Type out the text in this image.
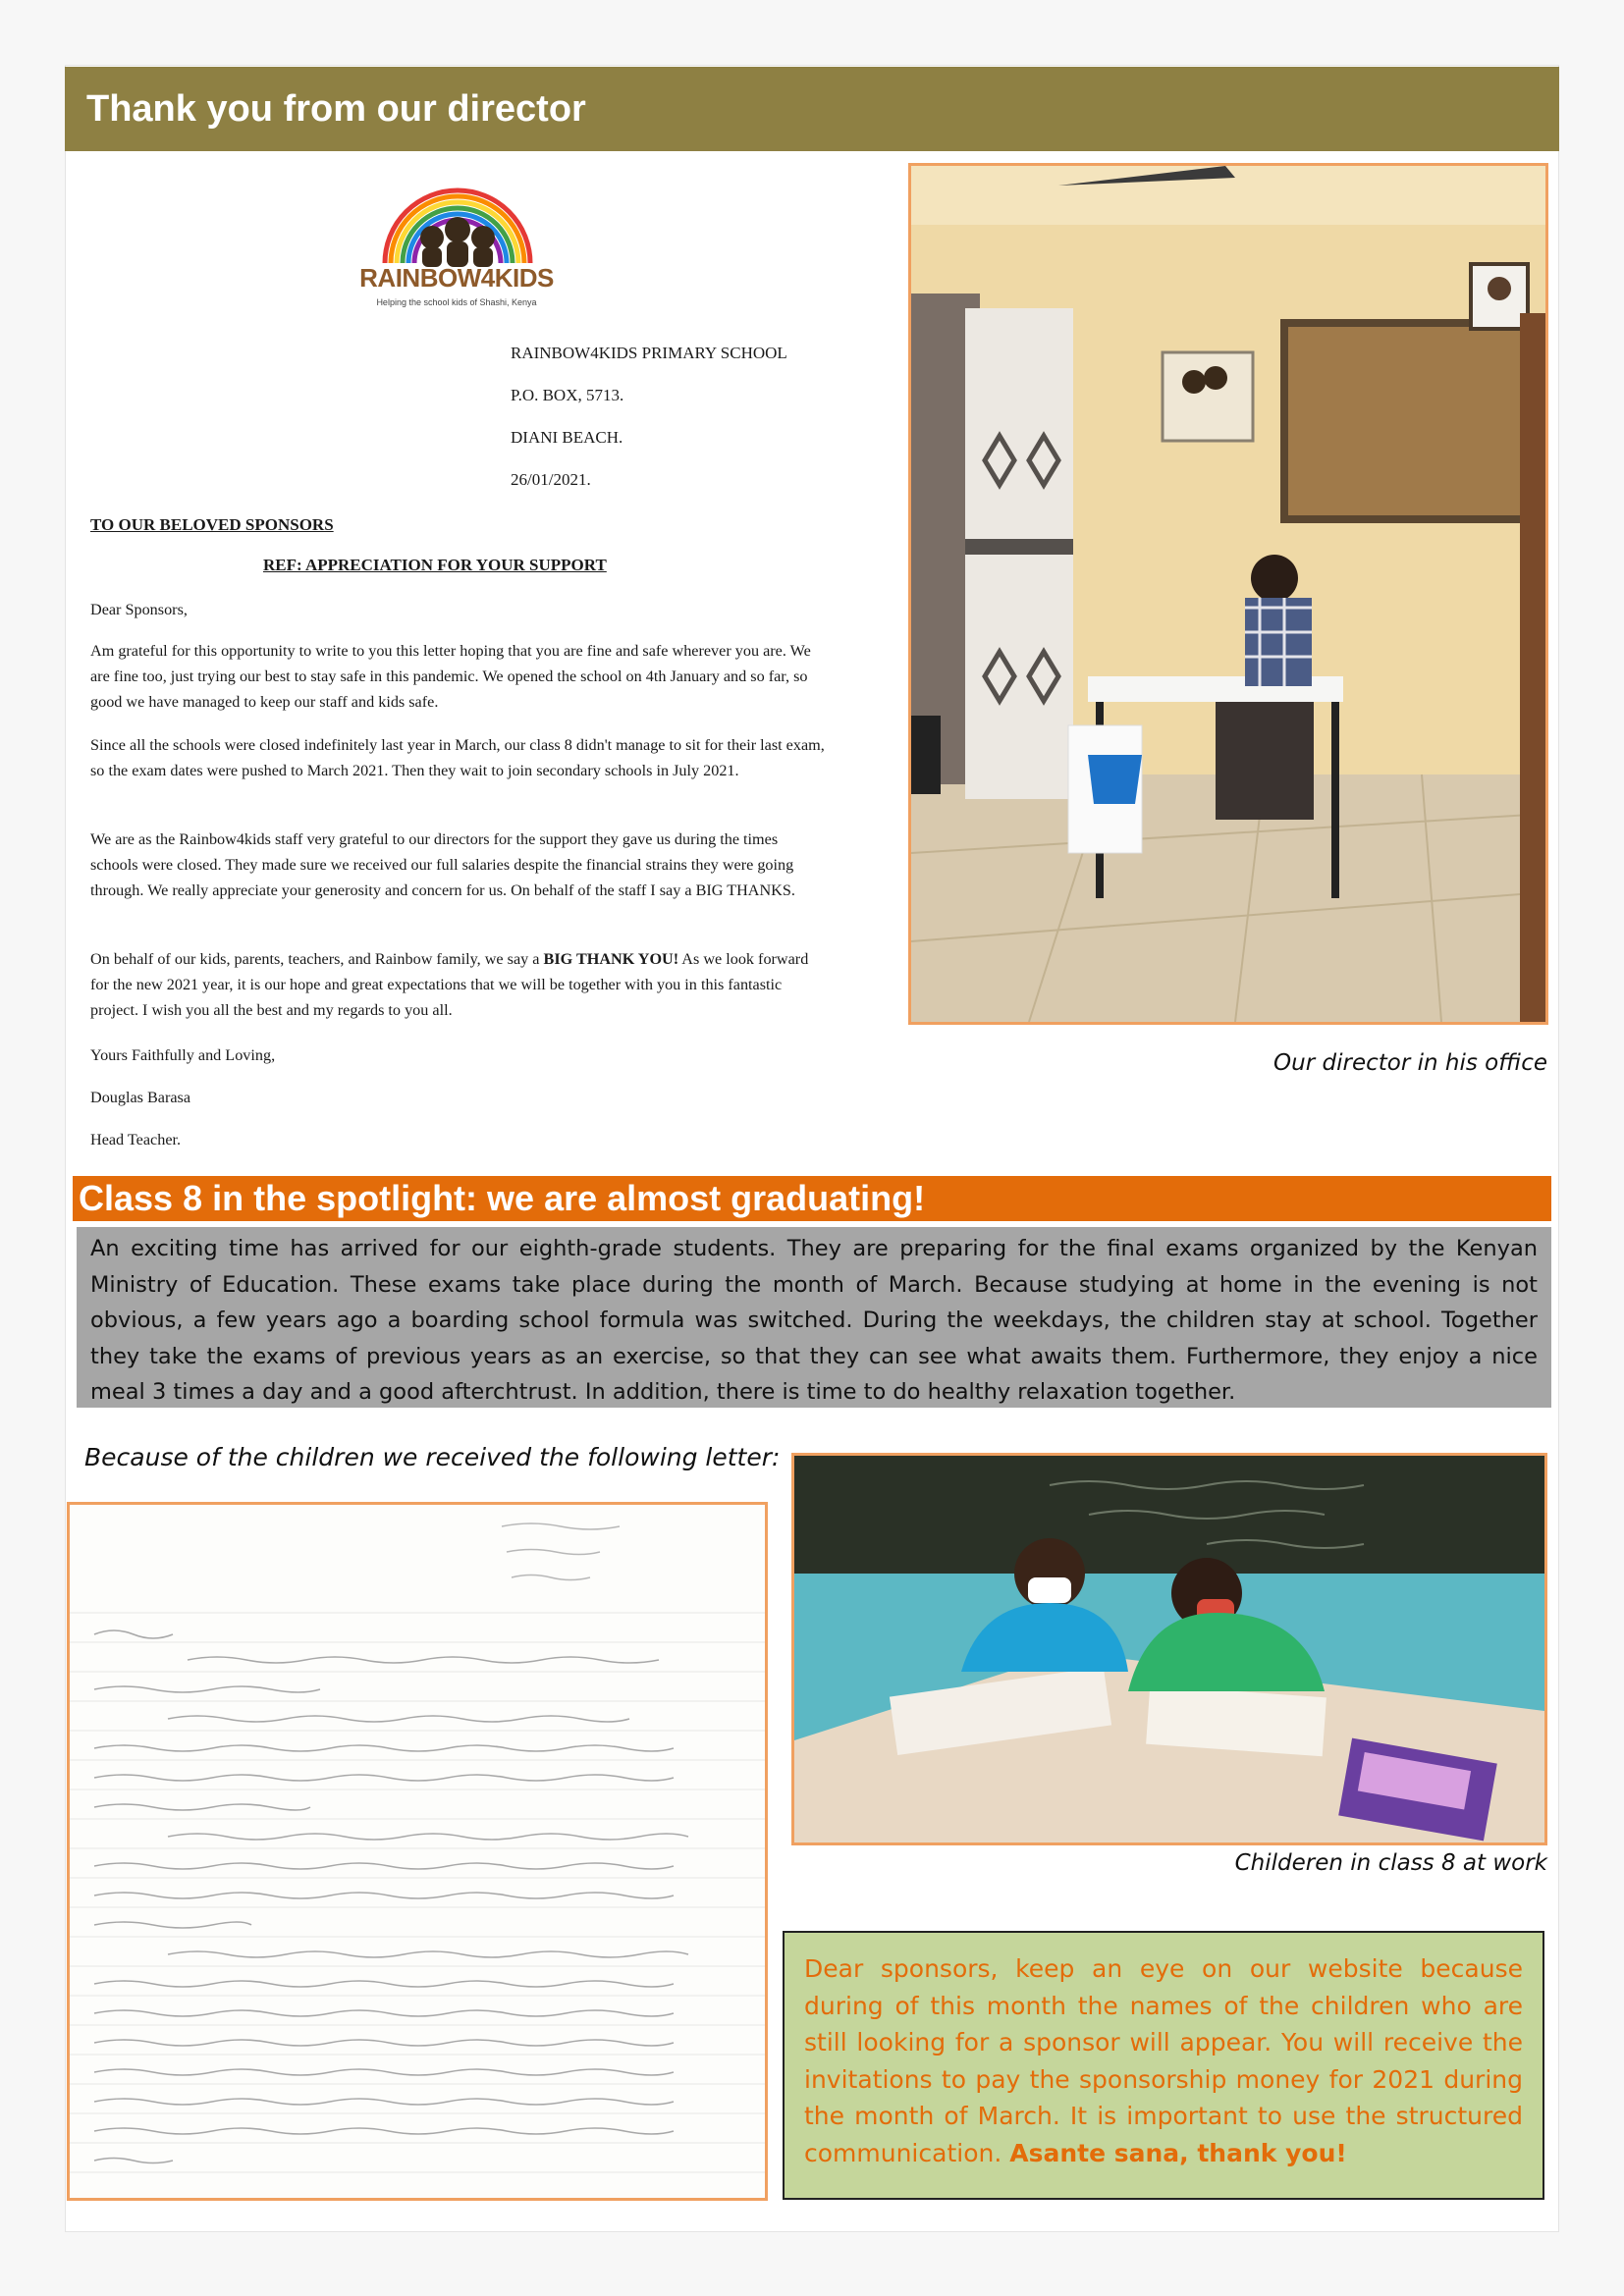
Thank you from our director
RAINBOW4KIDS
Helping the school kids of Shashi, Kenya
RAINBOW4KIDS PRIMARY SCHOOL
P.O. BOX, 5713.
DIANI BEACH.
26/01/2021.
TO OUR BELOVED SPONSORS
REF: APPRECIATION FOR YOUR SUPPORT
Dear Sponsors,
Am grateful for this opportunity to write to you this letter hoping that you are fine and safe wherever you are. We are fine too, just trying our best to stay safe in this pandemic. We opened the school on 4th January and so far, so good we have managed to keep our staff and kids safe.
Since all the schools were closed indefinitely last year in March, our class 8 didn't manage to sit for their last exam, so the exam dates were pushed to March 2021. Then they wait to join secondary schools in July 2021.
We are as the Rainbow4kids staff very grateful to our directors for the support they gave us during the times schools were closed. They made sure we received our full salaries despite the financial strains they were going through. We really appreciate your generosity and concern for us. On behalf of the staff I say a BIG THANKS.
On behalf of our kids, parents, teachers, and Rainbow family, we say a BIG THANK YOU! As we look forward for the new 2021 year, it is our hope and great expectations that we will be together with you in this fantastic project. I wish you all the best and my regards to you all.
Yours Faithfully and Loving,
Douglas Barasa
Head Teacher.
Our director in his office
Class 8 in the spotlight: we are almost graduating!
An exciting time has arrived for our eighth-grade students. They are preparing for the final exams organized by the Kenyan Ministry of Education. These exams take place during the month of March. Because studying at home in the evening is not obvious, a few years ago a boarding school formula was switched. During the weekdays, the children stay at school. Together they take the exams of previous years as an exercise, so that they can see what awaits them. Furthermore, they enjoy a nice meal 3 times a day and a good afterchtrust. In addition, there is time to do healthy relaxation together.
Because of the children we received the following letter:
Childeren in class 8 at work
Dear sponsors, keep an eye on our website because during of this month the names of the children who are still looking for a sponsor will appear. You will receive the invitations to pay the sponsorship money for 2021 during the month of March. It is important to use the structured communication. Asante sana, thank you!
